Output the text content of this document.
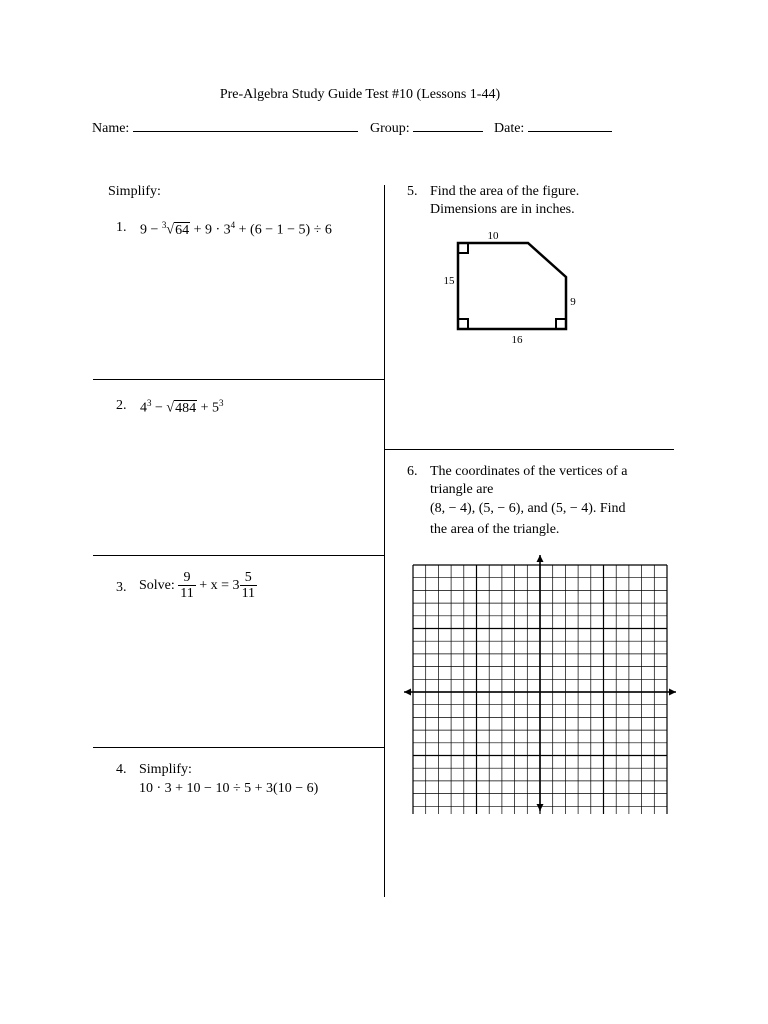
Pre-Algebra Study Guide Test #10 (Lessons 1-44)
Name:	Group:	Date:
Simplify:
1. $9 - ^3√64 + 9 \cdot 3^4 + (6 - 1 - 5) \div 6$
2. $4^3 - √484 + 5^3$
3. Solve: $\frac{9}{11} + x = 3 \frac{5}{11}$
4. Simplify:
10 · 3 + 10 − 10 ÷ 5 + 3(10 − 6)
5. Find the area of the figure.
Dimensions are in inches.
10
15
9
16
6. The coordinates of the vertices of a
triangle are
(8, − 4), (5, − 6), and (5, − 4). Find
the area of the triangle.
